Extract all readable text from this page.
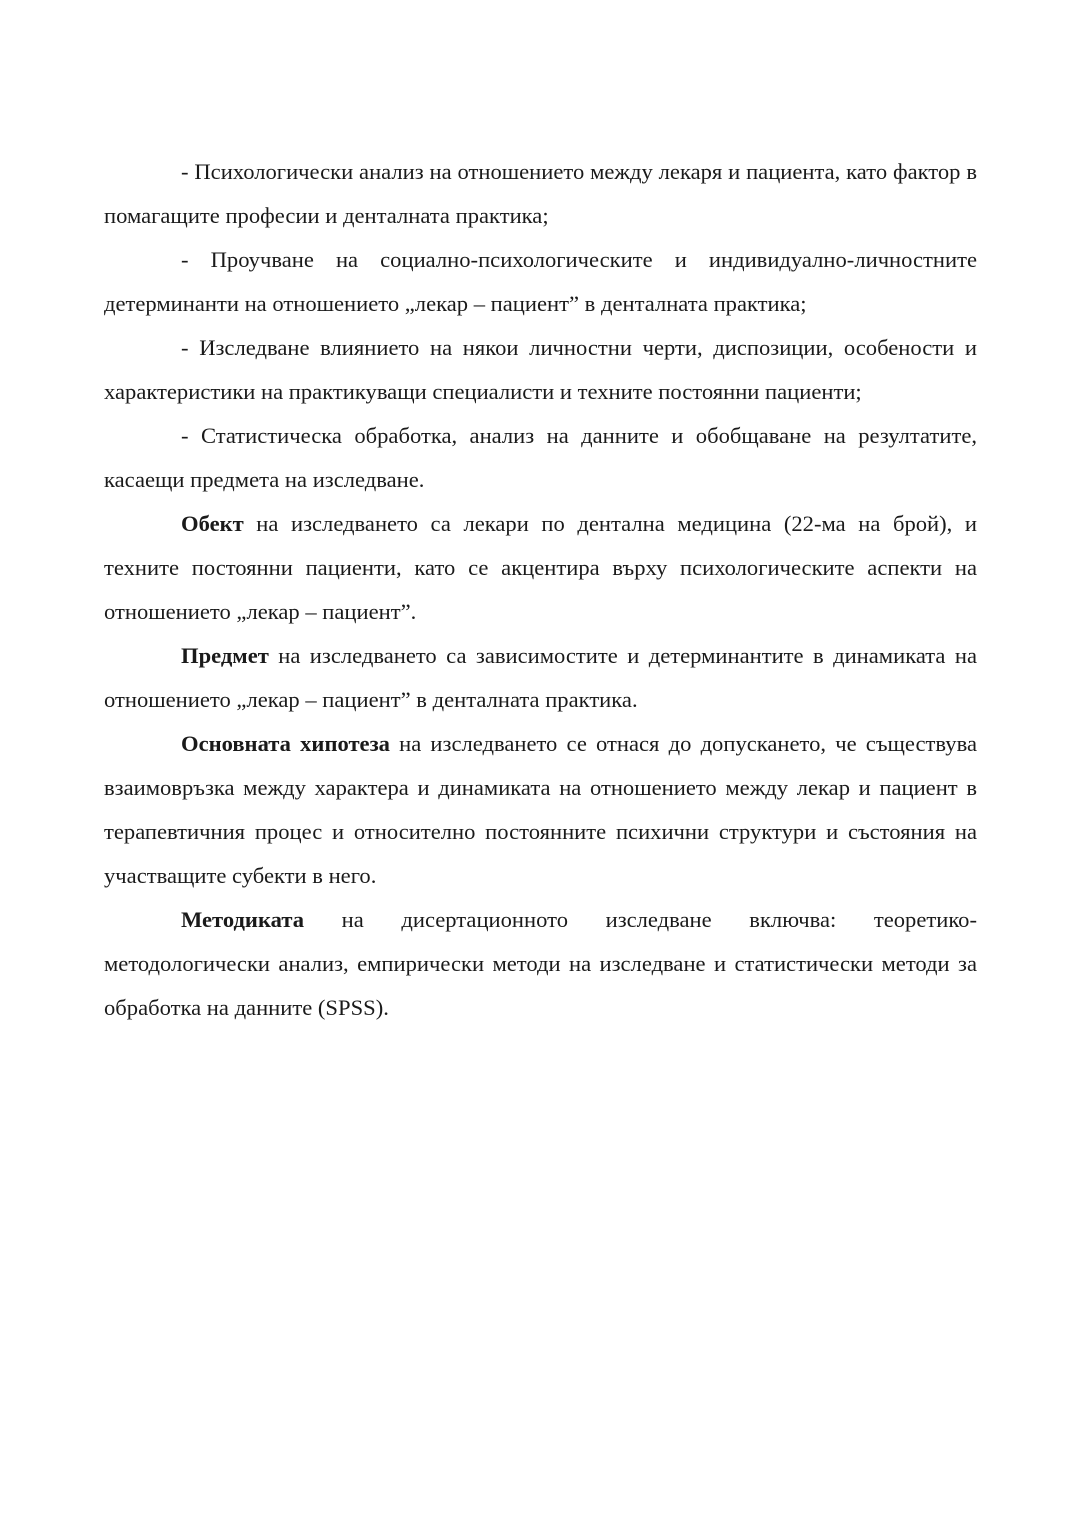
- Психологически анализ на отношението между лекаря и пациента, като фактор в помагащите професии и денталната практика;

- Проучване на социално-психологическите и индивидуално-личностните детерминанти на отношението „лекар – пациент” в денталната практика;

- Изследване влиянието на някои личностни черти, диспозиции, особености и характеристики на практикуващи специалисти и техните постоянни пациенти;

- Статистическа обработка, анализ на данните и обобщаване на резултатите, касаещи предмета на изследване.

Обект на изследването са лекари по дентална медицина (22-ма на брой), и техните постоянни пациенти, като се акцентира върху психологическите аспекти на отношението „лекар – пациент”.

Предмет на изследването са зависимостите и детерминантите в динамиката на отношението „лекар – пациент” в денталната практика.

Основната хипотеза на изследването се отнася до допускането, че съществува взаимовръзка между характера и динамиката на отношението между лекар и пациент в терапевтичния процес и относително постоянните психични структури и състояния на участващите субекти в него.

Методиката на дисертационното изследване включва: теоретико-методологически анализ, емпирически методи на изследване и статистически методи за обработка на данните (SPSS).
